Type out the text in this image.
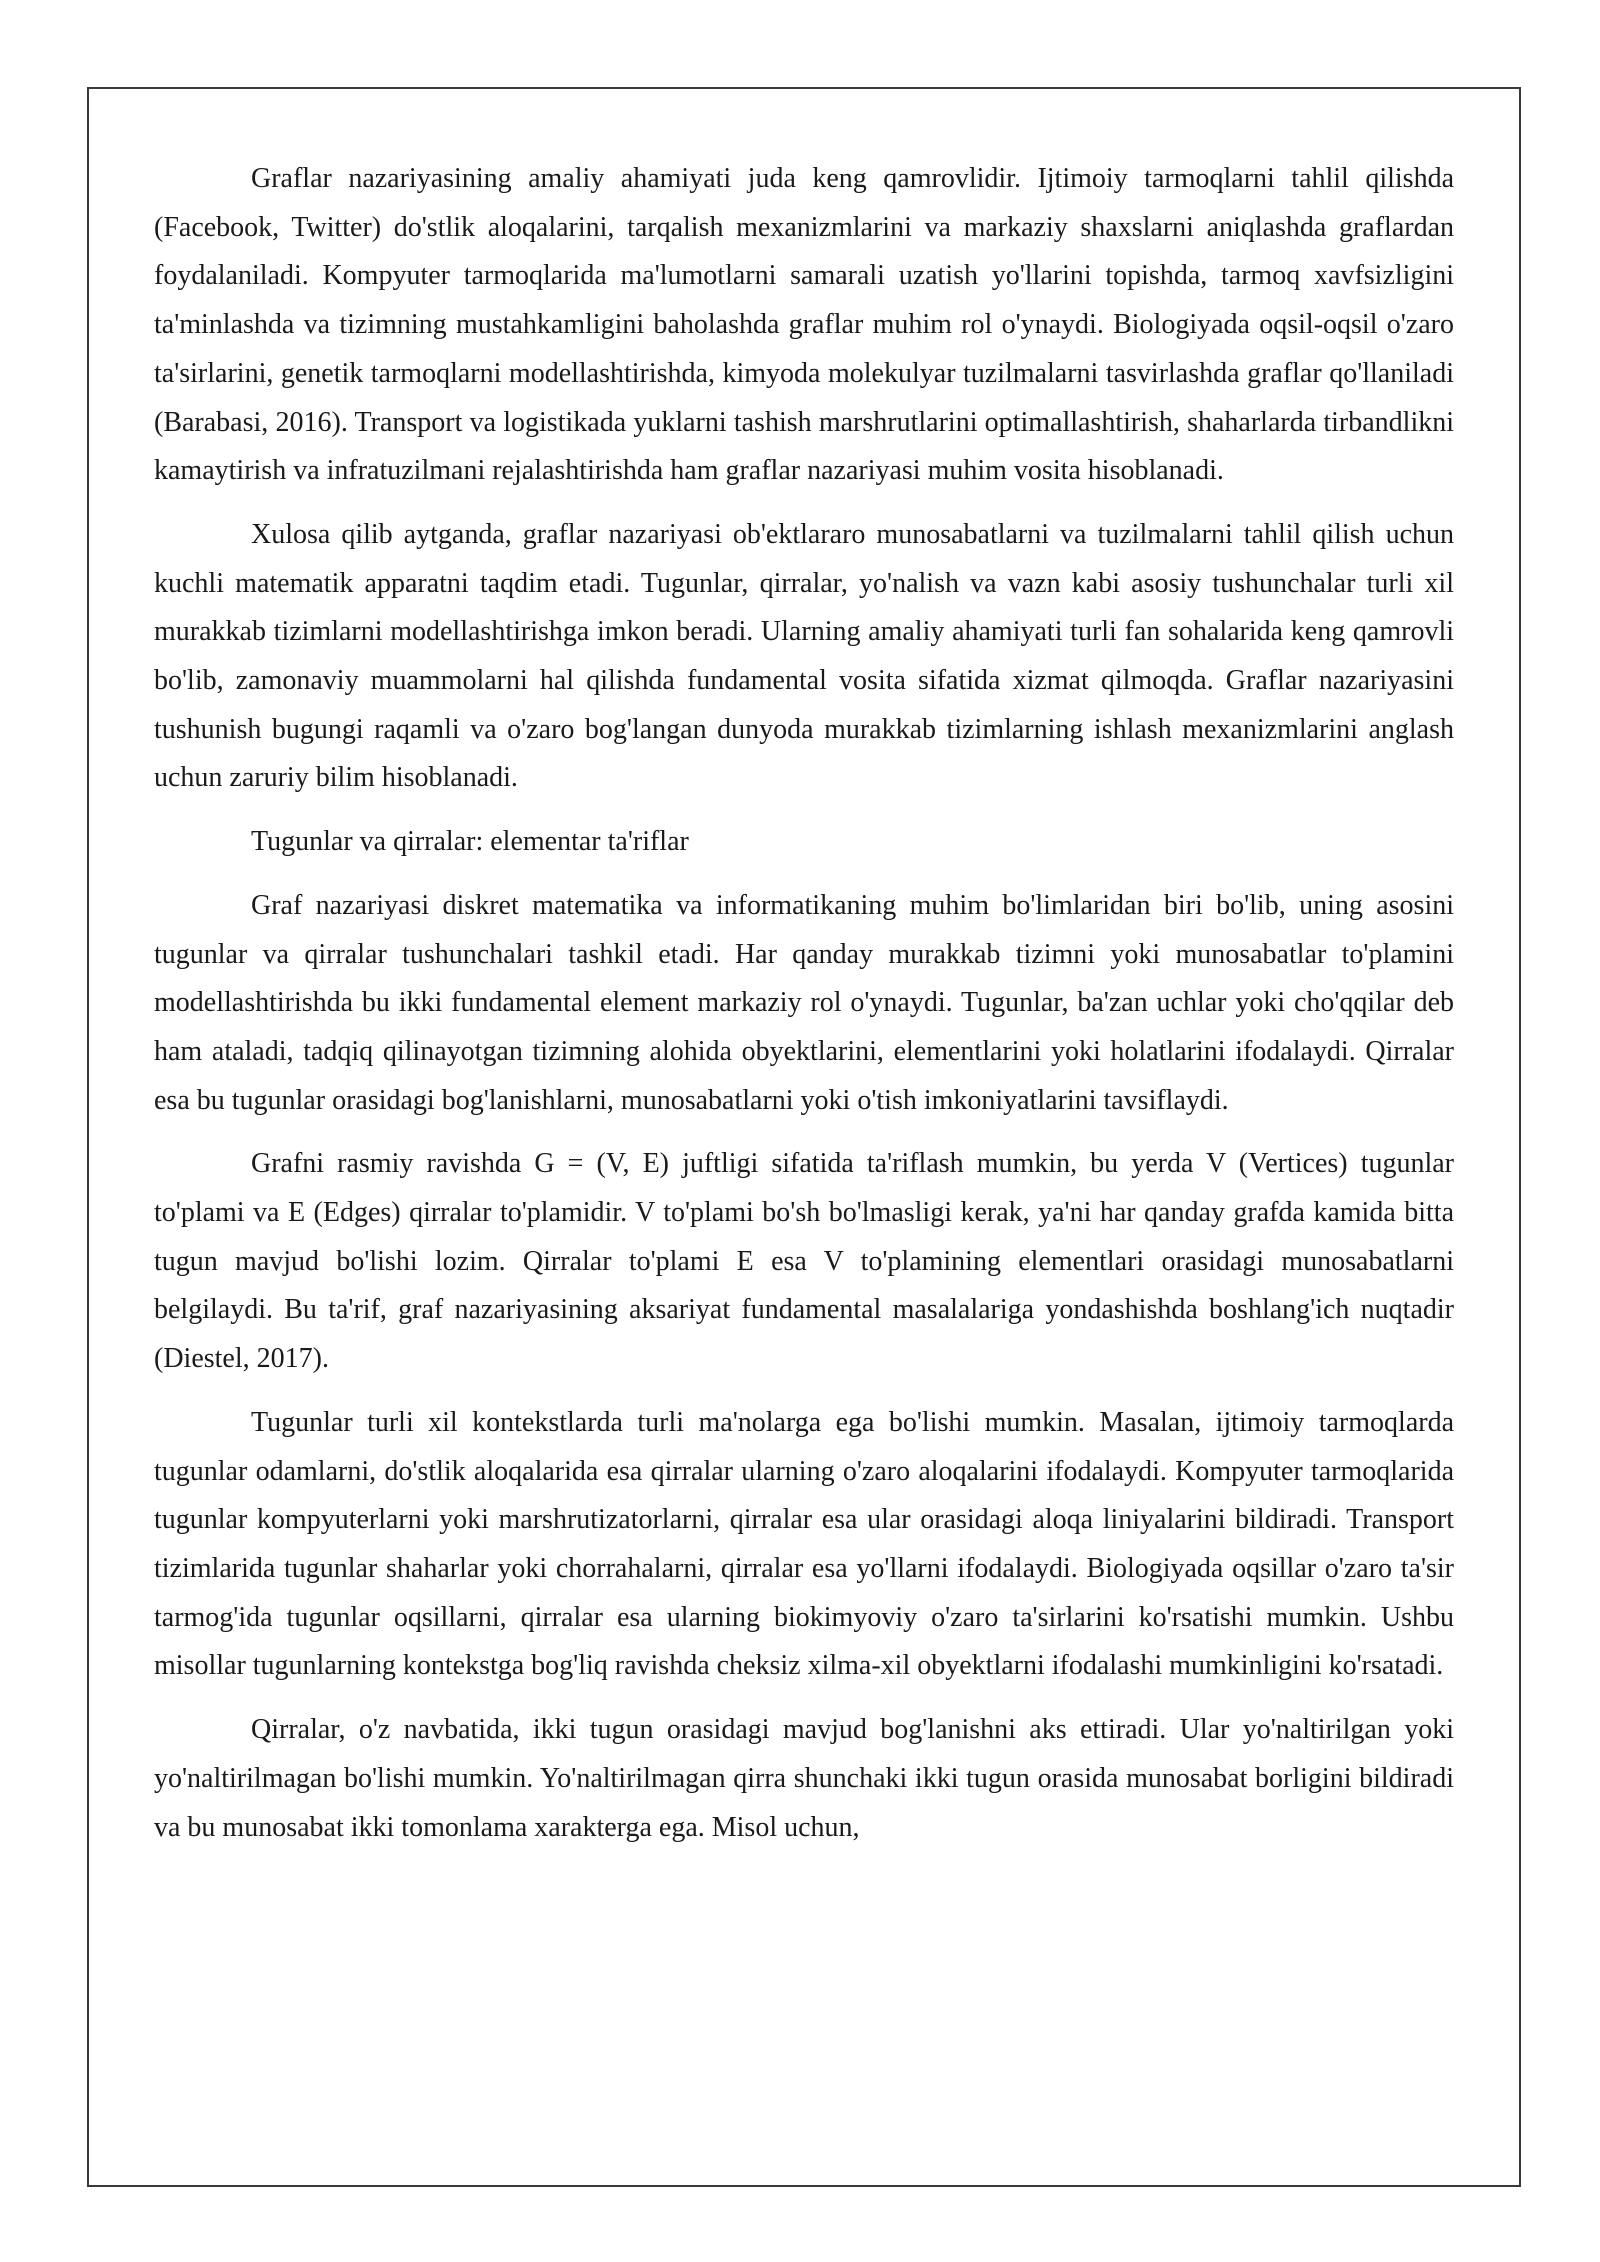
Graflar nazariyasining amaliy ahamiyati juda keng qamrovlidir. Ijtimoiy tarmoqlarni tahlil qilishda (Facebook, Twitter) do'stlik aloqalarini, tarqalish mexanizmlarini va markaziy shaxslarni aniqlashda graflardan foydalaniladi. Kompyuter tarmoqlarida ma'lumotlarni samarali uzatish yo'llarini topishda, tarmoq xavfsizligini ta'minlashda va tizimning mustahkamligini baholashda graflar muhim rol o'ynaydi. Biologiyada oqsil-oqsil o'zaro ta'sirlarini, genetik tarmoqlarni modellashtirishda, kimyoda molekulyar tuzilmalarni tasvirlashda graflar qo'llaniladi (Barabasi, 2016). Transport va logistikada yuklarni tashish marshrutlarini optimallashtirish, shaharlarda tirbandlikni kamaytirish va infratuzilmani rejalashtirishda ham graflar nazariyasi muhim vosita hisoblanadi.

Xulosa qilib aytganda, graflar nazariyasi ob'ektlararo munosabatlarni va tuzilmalarni tahlil qilish uchun kuchli matematik apparatni taqdim etadi. Tugunlar, qirralar, yo'nalish va vazn kabi asosiy tushunchalar turli xil murakkab tizimlarni modellashtirishga imkon beradi. Ularning amaliy ahamiyati turli fan sohalarida keng qamrovli bo'lib, zamonaviy muammolarni hal qilishda fundamental vosita sifatida xizmat qilmoqda. Graflar nazariyasini tushunish bugungi raqamli va o'zaro bog'langan dunyoda murakkab tizimlarning ishlash mexanizmlarini anglash uchun zaruriy bilim hisoblanadi.

Tugunlar va qirralar: elementar ta'riflar

Graf nazariyasi diskret matematika va informatikaning muhim bo'limlaridan biri bo'lib, uning asosini tugunlar va qirralar tushunchalari tashkil etadi. Har qanday murakkab tizimni yoki munosabatlar to'plamini modellashtirishda bu ikki fundamental element markaziy rol o'ynaydi. Tugunlar, ba'zan uchlar yoki cho'qqilar deb ham ataladi, tadqiq qilinayotgan tizimning alohida obyektlarini, elementlarini yoki holatlarini ifodalaydi. Qirralar esa bu tugunlar orasidagi bog'lanishlarni, munosabatlarni yoki o'tish imkoniyatlarini tavsiflaydi.

Grafni rasmiy ravishda G = (V, E) juftligi sifatida ta'riflash mumkin, bu yerda V (Vertices) tugunlar to'plami va E (Edges) qirralar to'plamidir. V to'plami bo'sh bo'lmasligi kerak, ya'ni har qanday grafda kamida bitta tugun mavjud bo'lishi lozim. Qirralar to'plami E esa V to'plamining elementlari orasidagi munosabatlarni belgilaydi. Bu ta'rif, graf nazariyasining aksariyat fundamental masalalariga yondashishda boshlang'ich nuqtadir (Diestel, 2017).

Tugunlar turli xil kontekstlarda turli ma'nolarga ega bo'lishi mumkin. Masalan, ijtimoiy tarmoqlarda tugunlar odamlarni, do'stlik aloqalarida esa qirralar ularning o'zaro aloqalarini ifodalaydi. Kompyuter tarmoqlarida tugunlar kompyuterlarni yoki marshrutizatorlarni, qirralar esa ular orasidagi aloqa liniyalarini bildiradi. Transport tizimlarida tugunlar shaharlar yoki chorrahalarni, qirralar esa yo'llarni ifodalaydi. Biologiyada oqsillar o'zaro ta'sir tarmog'ida tugunlar oqsillarni, qirralar esa ularning biokimyoviy o'zaro ta'sirlarini ko'rsatishi mumkin. Ushbu misollar tugunlarning kontekstga bog'liq ravishda cheksiz xilma-xil obyektlarni ifodalashi mumkinligini ko'rsatadi.

Qirralar, o'z navbatida, ikki tugun orasidagi mavjud bog'lanishni aks ettiradi. Ular yo'naltirilgan yoki yo'naltirilmagan bo'lishi mumkin. Yo'naltirilmagan qirra shunchaki ikki tugun orasida munosabat borligini bildiradi va bu munosabat ikki tomonlama xarakterga ega. Misol uchun,
